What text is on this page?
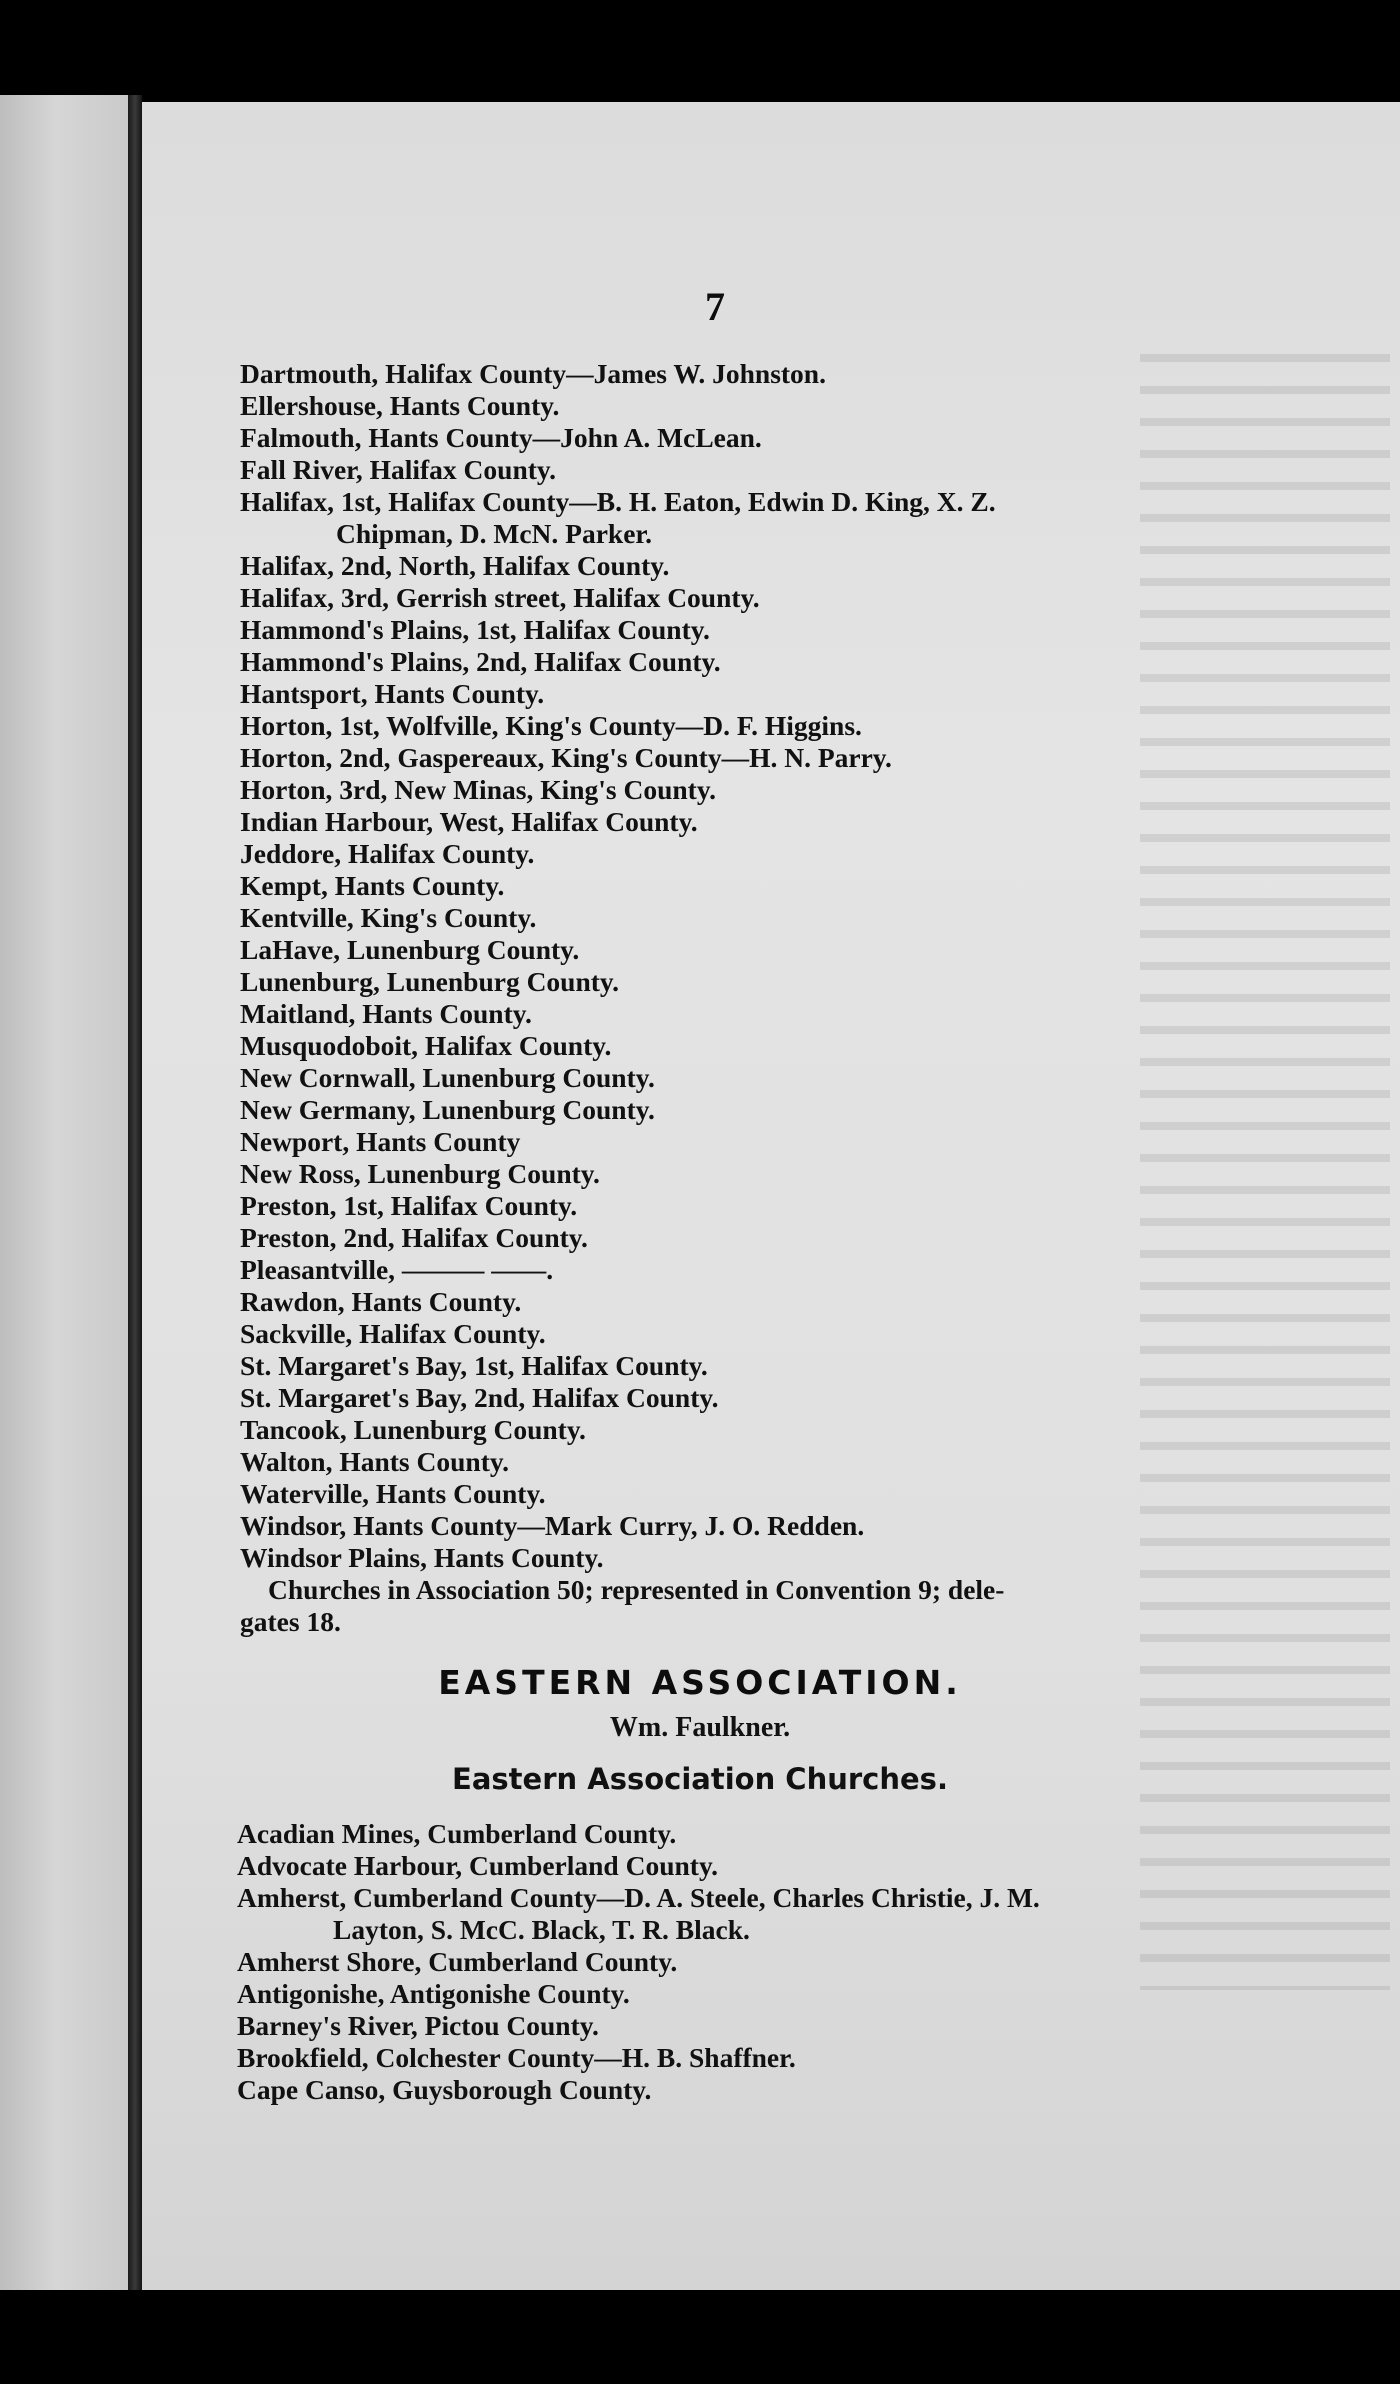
7
Dartmouth, Halifax County—James W. Johnston.
Ellershouse, Hants County.
Falmouth, Hants County—John A. McLean.
Fall River, Halifax County.
Halifax, 1st, Halifax County—B. H. Eaton, Edwin D. King, X. Z.
Chipman, D. McN. Parker.
Halifax, 2nd, North, Halifax County.
Halifax, 3rd, Gerrish street, Halifax County.
Hammond's Plains, 1st, Halifax County.
Hammond's Plains, 2nd, Halifax County.
Hantsport, Hants County.
Horton, 1st, Wolfville, King's County—D. F. Higgins.
Horton, 2nd, Gaspereaux, King's County—H. N. Parry.
Horton, 3rd, New Minas, King's County.
Indian Harbour, West, Halifax County.
Jeddore, Halifax County.
Kempt, Hants County.
Kentville, King's County.
LaHave, Lunenburg County.
Lunenburg, Lunenburg County.
Maitland, Hants County.
Musquodoboit, Halifax County.
New Cornwall, Lunenburg County.
New Germany, Lunenburg County.
Newport, Hants County
New Ross, Lunenburg County.
Preston, 1st, Halifax County.
Preston, 2nd, Halifax County.
Pleasantville, ——— ——.
Rawdon, Hants County.
Sackville, Halifax County.
St. Margaret's Bay, 1st, Halifax County.
St. Margaret's Bay, 2nd, Halifax County.
Tancook, Lunenburg County.
Walton, Hants County.
Waterville, Hants County.
Windsor, Hants County—Mark Curry, J. O. Redden.
Windsor Plains, Hants County.
Churches in Association 50; represented in Convention 9; dele-
gates 18.
EASTERN ASSOCIATION.
Wm. Faulkner.
Eastern Association Churches.
Acadian Mines, Cumberland County.
Advocate Harbour, Cumberland County.
Amherst, Cumberland County—D. A. Steele, Charles Christie, J. M.
Layton, S. McC. Black, T. R. Black.
Amherst Shore, Cumberland County.
Antigonishe, Antigonishe County.
Barney's River, Pictou County.
Brookfield, Colchester County—H. B. Shaffner.
Cape Canso, Guysborough County.
